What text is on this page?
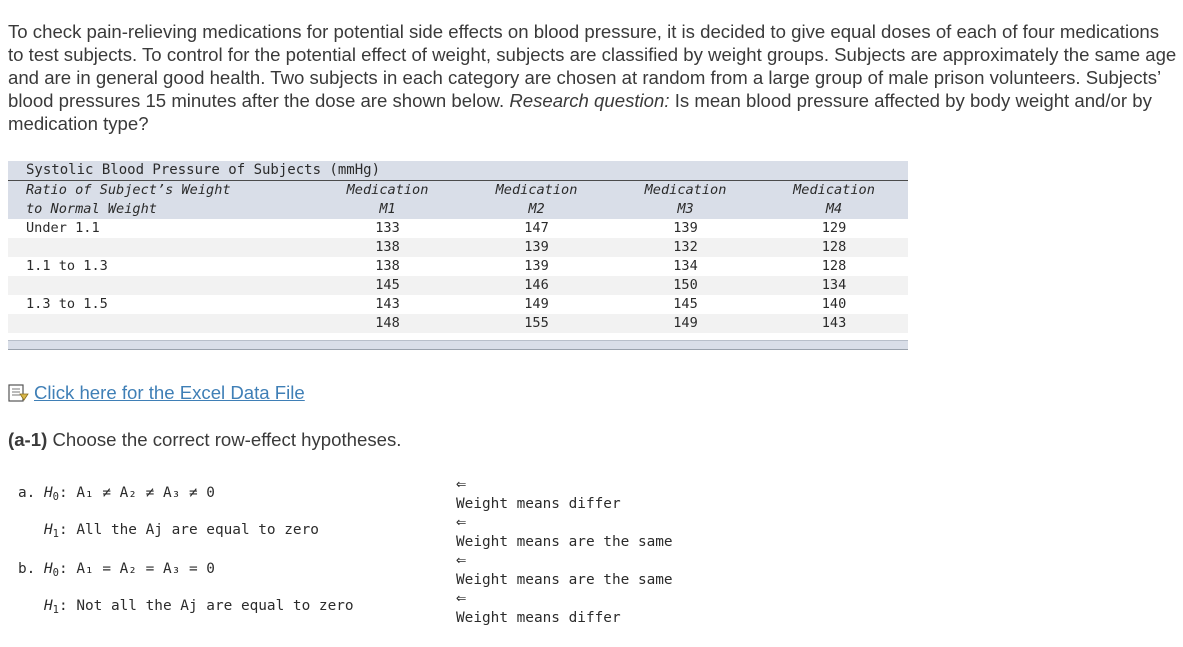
To check pain-relieving medications for potential side effects on blood pressure, it is decided to give equal doses of each of four medications to test subjects. To control for the potential effect of weight, subjects are classified by weight groups. Subjects are approximately the same age and are in general good health. Two subjects in each category are chosen at random from a large group of male prison volunteers. Subjects’ blood pressures 15 minutes after the dose are shown below. Research question: Is mean blood pressure affected by body weight and/or by medication type?
Systolic Blood Pressure of Subjects (mmHg)
Ratio of Subject’s Weight	Medication	Medication	Medication	Medication
to Normal Weight	M1	M2	M3	M4
Under 1.1	133	147	139	129
	138	139	132	128
1.1 to 1.3	138	139	134	128
	145	146	150	134
1.3 to 1.5	143	149	145	140
	148	155	149	143
Click here for the Excel Data File
(a-1) Choose the correct row-effect hypotheses.
a. $H_0$: A₁ ≠ A₂ ≠ A₃ ≠ 0
$H_1$: All the Aj are equal to zero
b. $H_0$: A₁ = A₂ = A₃ = 0
$H_1$: Not all the Aj are equal to zero
⇐
Weight means differ
⇐
Weight means are the same
⇐
Weight means are the same
⇐
Weight means differ
